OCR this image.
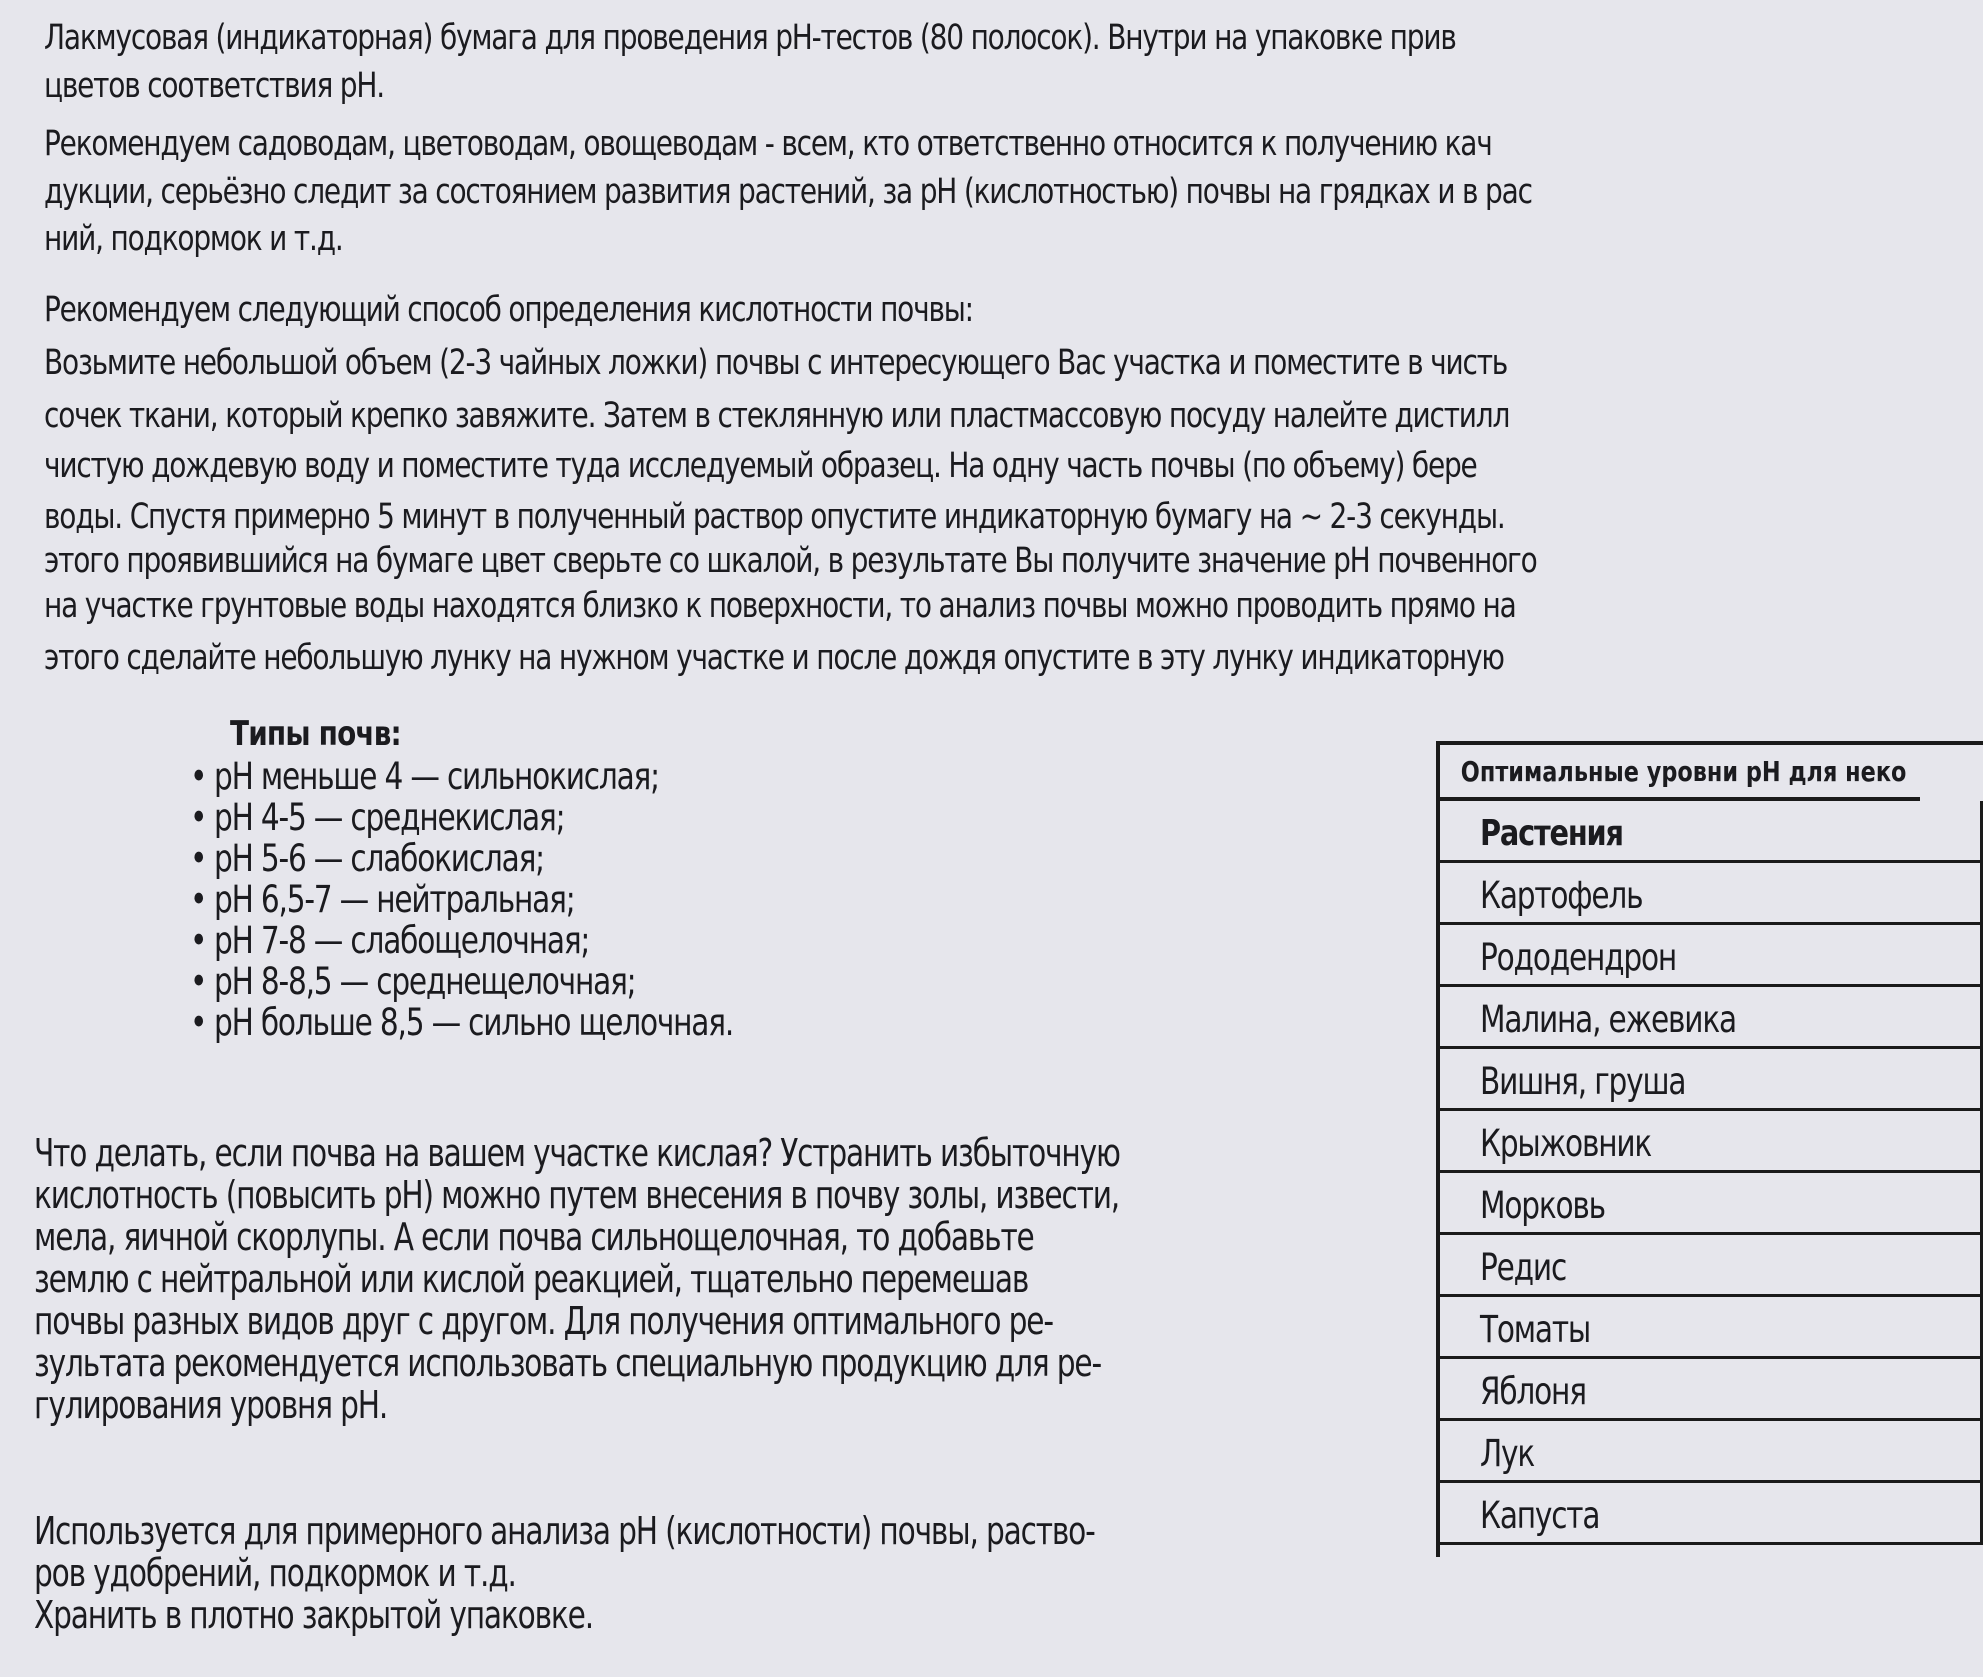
Лакмусовая (индикаторная) бумага для проведения рН-тестов (80 полосок). Внутри на упаковке прив
цветов соответствия рН.
Рекомендуем садоводам, цветоводам, овощеводам - всем, кто ответственно относится к получению кач
дукции, серьёзно следит за состоянием развития растений, за рН (кислотностью) почвы на грядках и в рас
ний, подкормок и т.д.
Рекомендуем следующий способ определения кислотности почвы:
Возьмите небольшой объем (2-3 чайных ложки) почвы с интересующего Вас участка и поместите в чисть
сочек ткани, который крепко завяжите. Затем в стеклянную или пластмассовую посуду налейте дистилл
чистую дождевую воду и поместите туда исследуемый образец. На одну часть почвы (по объему) бере
воды. Спустя примерно 5 минут в полученный раствор опустите индикаторную бумагу на ~ 2-3 секунды.
этого проявившийся на бумаге цвет сверьте со шкалой, в результате Вы получите значение рН почвенного
на участке грунтовые воды находятся близко к поверхности, то анализ почвы можно проводить прямо на
этого сделайте небольшую лунку на нужном участке и после дождя опустите в эту лунку индикаторную
Типы почв:
• рН меньше 4 — сильнокислая;
• рН 4-5 — среднекислая;
• рН 5-6 — слабокислая;
• рН 6,5-7 — нейтральная;
• рН 7-8 — слабощелочная;
• рН 8-8,5 — среднещелочная;
• рН больше 8,5 — сильно щелочная.
Что делать, если почва на вашем участке кислая? Устранить избыточную
кислотность (повысить рН) можно путем внесения в почву золы, извести,
мела, яичной скорлупы. А если почва сильнощелочная, то добавьте
землю с нейтральной или кислой реакцией, тщательно перемешав
почвы разных видов друг с другом. Для получения оптимального ре-
зультата рекомендуется использовать специальную продукцию для ре-
гулирования уровня рН.
Используется для примерного анализа рН (кислотности) почвы, раство-
ров удобрений, подкормок и т.д.
Хранить в плотно закрытой упаковке.
Оптимальные уровни рН для неко
Растения
Картофель
Рододендрон
Малина, ежевика
Вишня, груша
Крыжовник
Морковь
Редис
Томаты
Яблоня
Лук
Капуста
